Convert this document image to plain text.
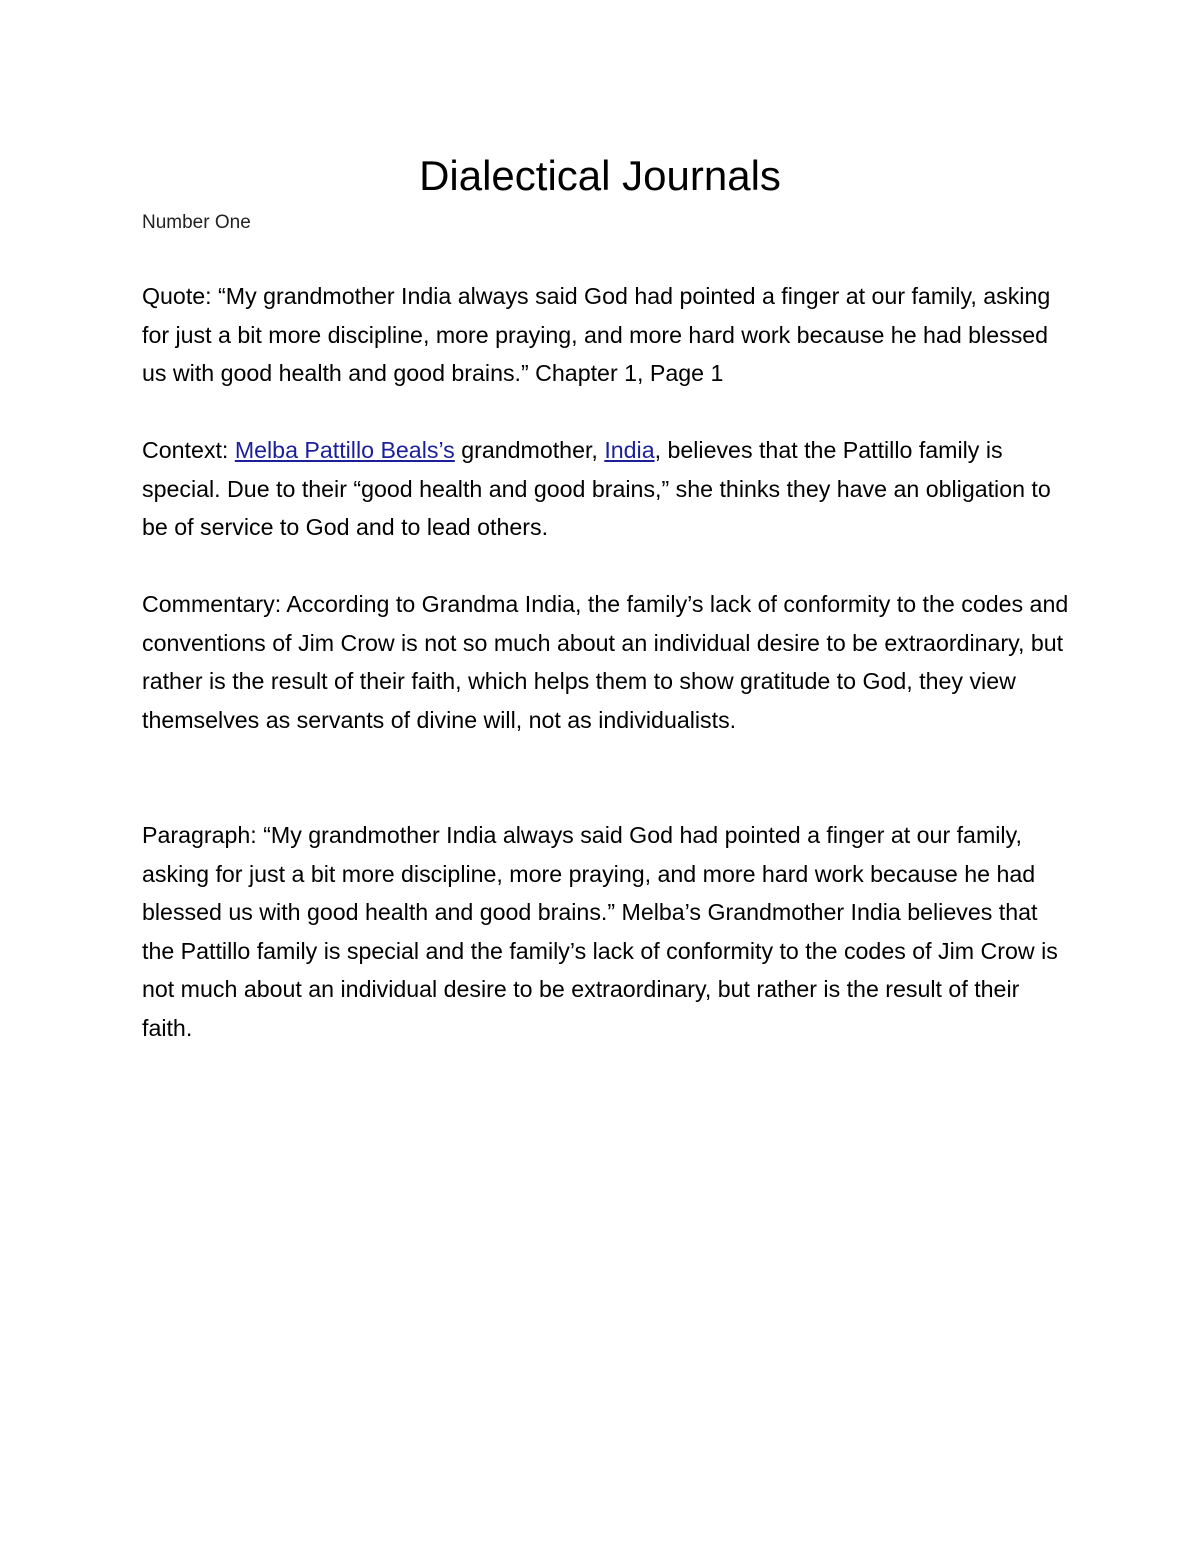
Dialectical Journals

Number One

Quote: “My grandmother India always said God had pointed a finger at our family, asking for just a bit more discipline, more praying, and more hard work because he had blessed us with good health and good brains.” Chapter 1, Page 1

Context: Melba Pattillo Beals’s grandmother, India, believes that the Pattillo family is special. Due to their “good health and good brains,” she thinks they have an obligation to be of service to God and to lead others.

Commentary: According to Grandma India, the family’s lack of conformity to the codes and conventions of Jim Crow is not so much about an individual desire to be extraordinary, but rather is the result of their faith, which helps them to show gratitude to God, they view themselves as servants of divine will, not as individualists.

Paragraph: “My grandmother India always said God had pointed a finger at our family, asking for just a bit more discipline, more praying, and more hard work because he had blessed us with good health and good brains.” Melba’s Grandmother India believes that the Pattillo family is special and the family’s lack of conformity to the codes of Jim Crow is not much about an individual desire to be extraordinary, but rather is the result of their faith.
